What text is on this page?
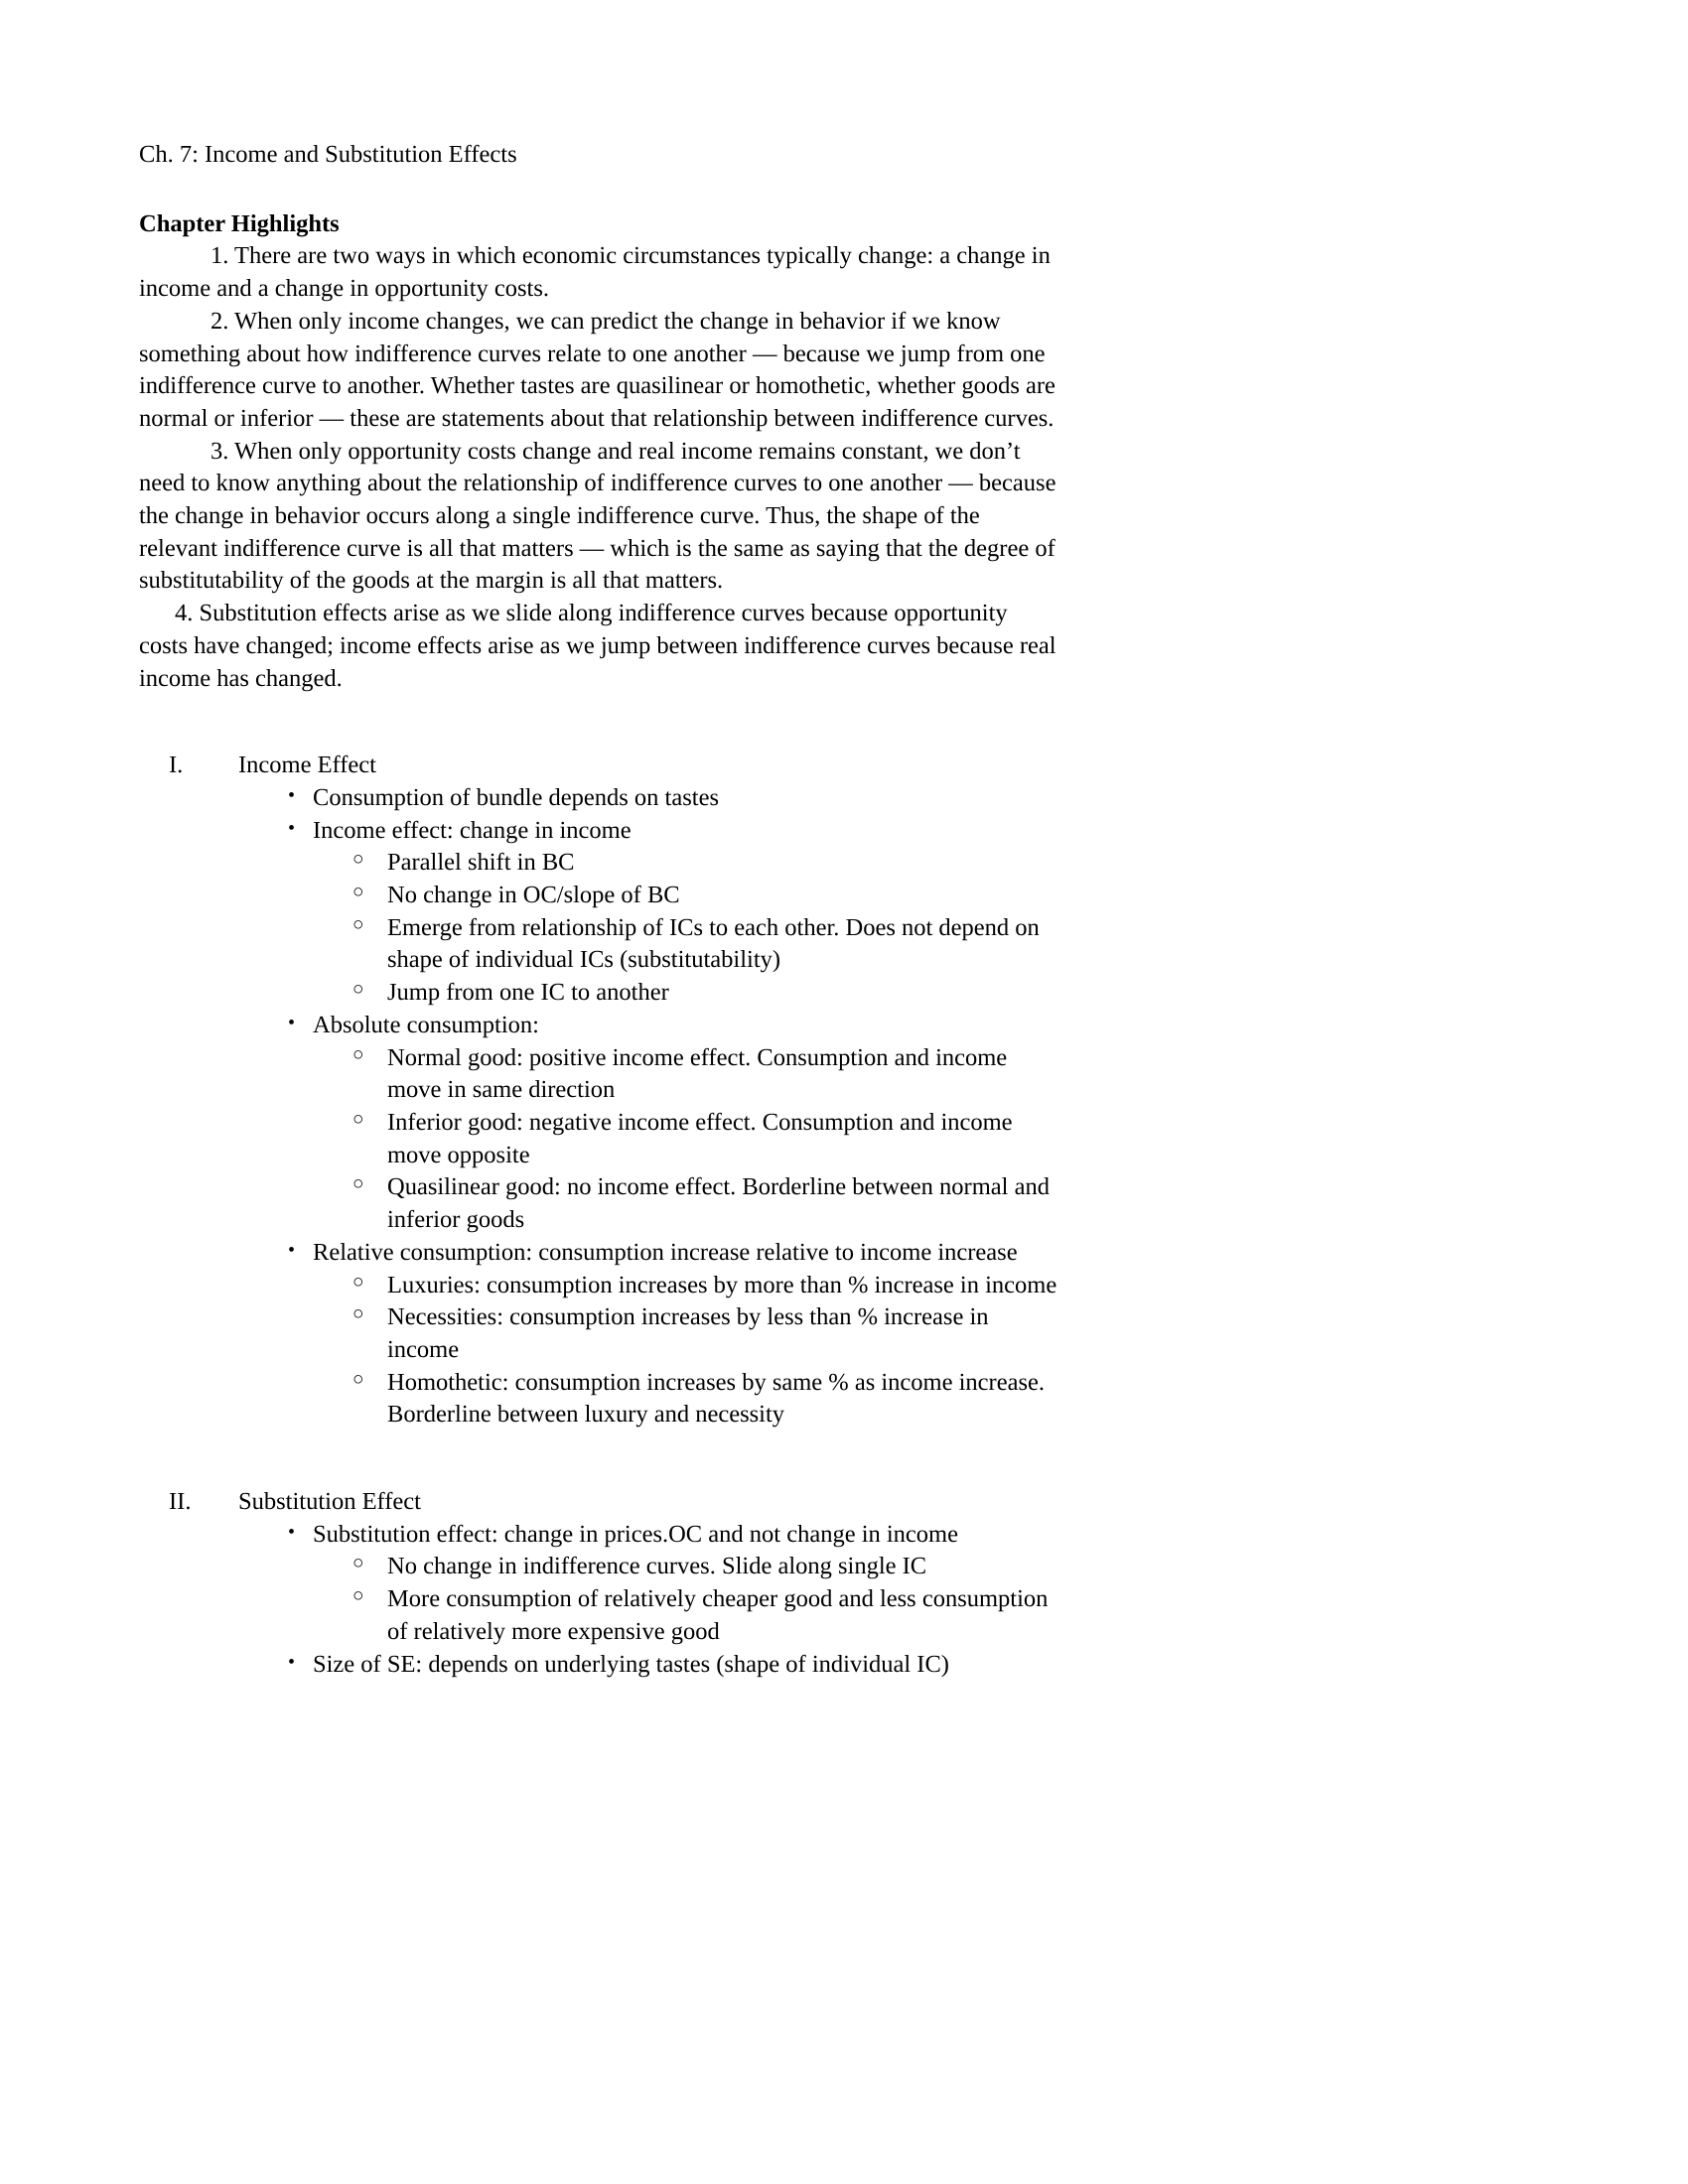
Ch. 7: Income and Substitution Effects
Chapter Highlights

1. There are two ways in which economic circumstances typically change: a change in income and a change in opportunity costs.

2. When only income changes, we can predict the change in behavior if we know something about how indifference curves relate to one another — because we jump from one indifference curve to another. Whether tastes are quasilinear or homothetic, whether goods are normal or inferior — these are statements about that relationship between indifference curves.

3. When only opportunity costs change and real income remains constant, we don’t need to know anything about the relationship of indifference curves to one another — because the change in behavior occurs along a single indifference curve. Thus, the shape of the relevant indifference curve is all that matters — which is the same as saying that the degree of substitutability of the goods at the margin is all that matters.

4. Substitution effects arise as we slide along indifference curves because opportunity costs have changed; income effects arise as we jump between indifference curves because real income has changed.

I.	Income Effect
• Consumption of bundle depends on tastes
• Income effect: change in income
○ Parallel shift in BC
○ No change in OC/slope of BC
○ Emerge from relationship of ICs to each other. Does not depend on shape of individual ICs (substitutability)
○ Jump from one IC to another
• Absolute consumption:
○ Normal good: positive income effect. Consumption and income move in same direction
○ Inferior good: negative income effect. Consumption and income move opposite
○ Quasilinear good: no income effect. Borderline between normal and inferior goods
• Relative consumption: consumption increase relative to income increase
○ Luxuries: consumption increases by more than % increase in income
○ Necessities: consumption increases by less than % increase in income
○ Homothetic: consumption increases by same % as income increase. Borderline between luxury and necessity
II.	Substitution Effect
• Substitution effect: change in prices.OC and not change in income
○ No change in indifference curves. Slide along single IC
○ More consumption of relatively cheaper good and less consumption of relatively more expensive good
• Size of SE: depends on underlying tastes (shape of individual IC)
